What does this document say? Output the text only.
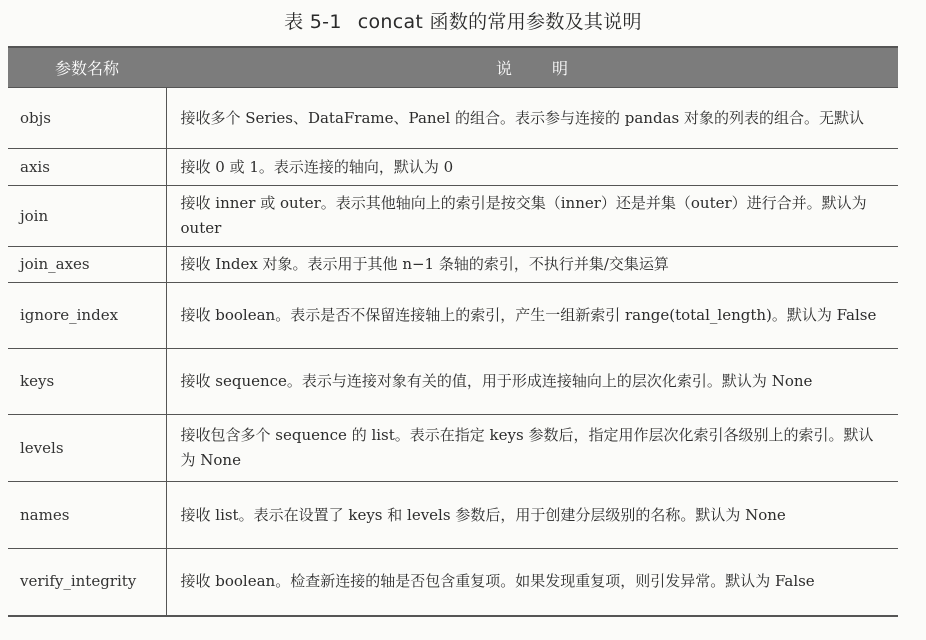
表 5-1 concat 函数的常用参数及其说明
参数名称	说明
objs	接收多个 Series、DataFrame、Panel 的组合。表示参与连接的 pandas 对象的列表的组合。无默认
axis	接收 0 或 1。表示连接的轴向，默认为 0
join	接收 inner 或 outer。表示其他轴向上的索引是按交集（inner）还是并集（outer）进行合并。默认为 outer
join_axes	接收 Index 对象。表示用于其他 n−1 条轴的索引，不执行并集/交集运算
ignore_index	接收 boolean。表示是否不保留连接轴上的索引，产生一组新索引 range(total_length)。默认为 False
keys	接收 sequence。表示与连接对象有关的值，用于形成连接轴向上的层次化索引。默认为 None
levels	接收包含多个 sequence 的 list。表示在指定 keys 参数后，指定用作层次化索引各级别上的索引。默认为 None
names	接收 list。表示在设置了 keys 和 levels 参数后，用于创建分层级别的名称。默认为 None
verify_integrity	接收 boolean。检查新连接的轴是否包含重复项。如果发现重复项，则引发异常。默认为 False
